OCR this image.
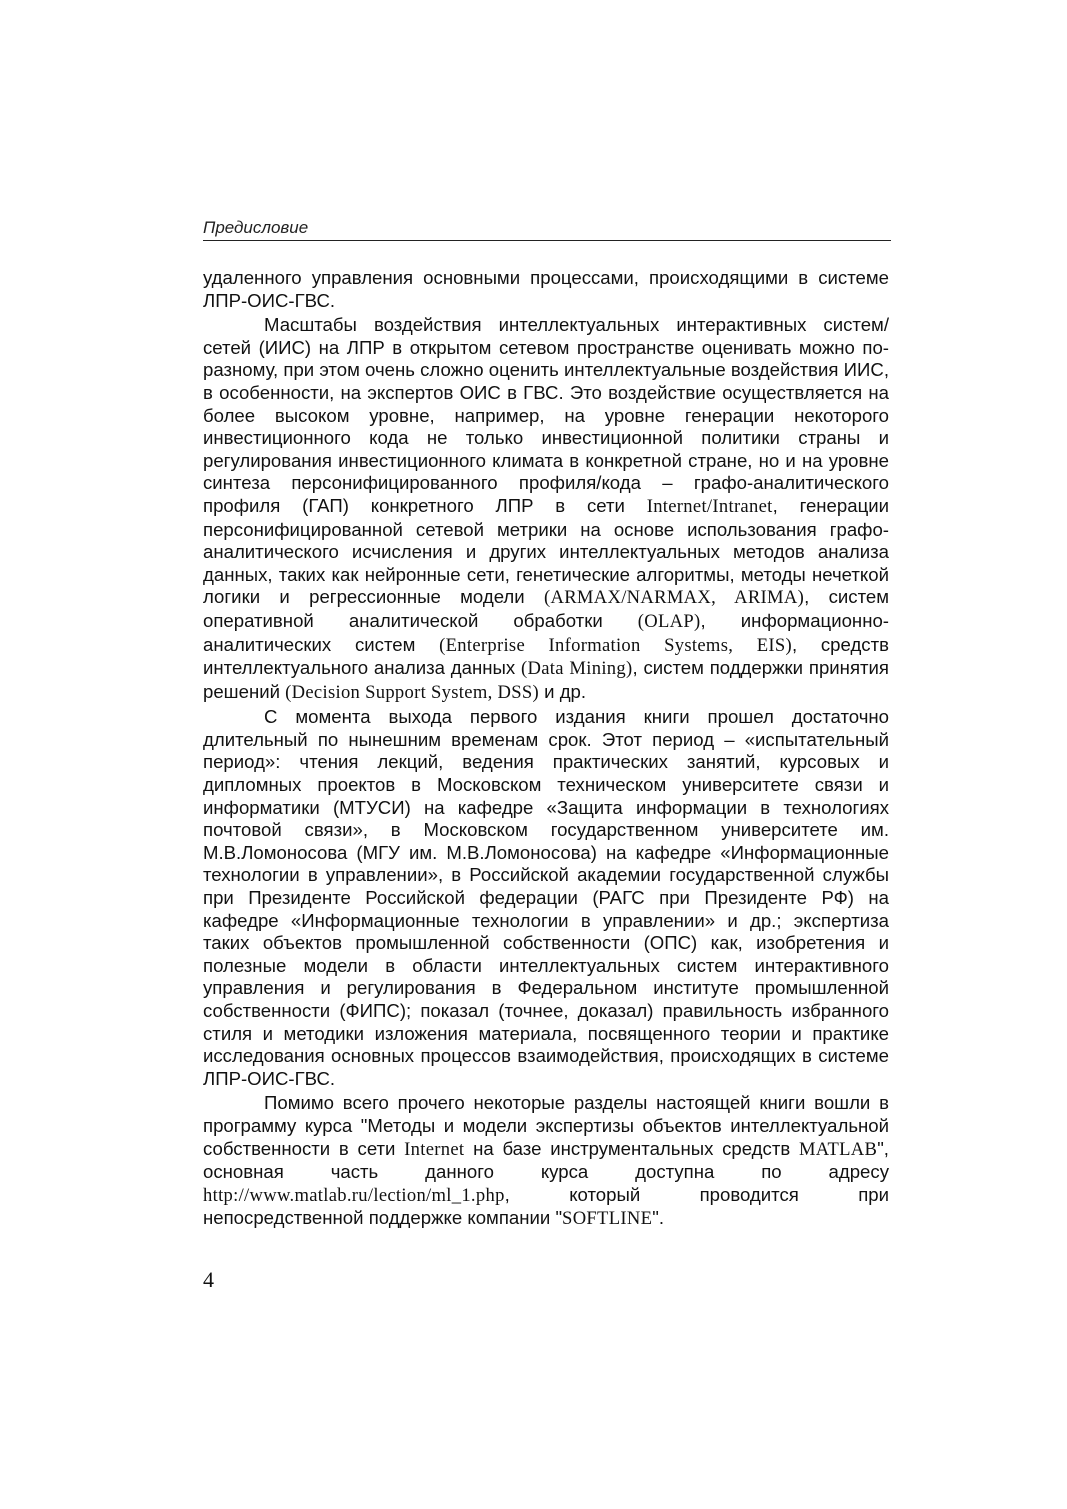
Предисловие

удаленного управления основными процессами, происходящими в системе ЛПР-ОИС-ГВС.

Масштабы воздействия интеллектуальных интерактивных систем/сетей (ИИС) на ЛПР в открытом сетевом пространстве оценивать можно по-разному, при этом очень сложно оценить интеллектуальные воздействия ИИС, в особенности, на экспертов ОИС в ГВС. Это воздействие осуществляется на более высоком уровне, например, на уровне генерации некоторого инвестиционного кода не только инвестиционной политики страны и регулирования инвестиционного климата в конкретной стране, но и на уровне синтеза персонифицированного профиля/кода – графо-аналитического профиля (ГАП) конкретного ЛПР в сети Internet/Intranet, генерации персонифицированной сетевой метрики на основе использования графо-аналитического исчисления и других интеллектуальных методов анализа данных, таких как нейронные сети, генетические алгоритмы, методы нечеткой логики и регрессионные модели (ARMAX/NARMAX, ARIMA), систем оперативной аналитической обработки (OLAP), информационно-аналитических систем (Enterprise Information Systems, EIS), средств интеллектуального анализа данных (Data Mining), систем поддержки принятия решений (Decision Support System, DSS) и др.

С момента выхода первого издания книги прошел достаточно длительный по нынешним временам срок. Этот период – «испытательный период»: чтения лекций, ведения практических занятий, курсовых и дипломных проектов в Московском техническом университете связи и информатики (МТУСИ) на кафедре «Защита информации в технологиях почтовой связи», в Московском государственном университете им. М.В.Ломоносова (МГУ им. М.В.Ломоносова) на кафедре «Информационные технологии в управлении», в Российской академии государственной службы при Президенте Российской федерации (РАГС при Президенте РФ) на кафедре «Информационные технологии в управлении» и др.; экспертиза таких объектов промышленной собственности (ОПС) как, изобретения и полезные модели в области интеллектуальных систем интерактивного управления и регулирования в Федеральном институте промышленной собственности (ФИПС); показал (точнее, доказал) правильность избранного стиля и методики изложения материала, посвященного теории и практике исследования основных процессов взаимодействия, происходящих в системе ЛПР-ОИС-ГВС.

Помимо всего прочего некоторые разделы настоящей книги вошли в программу курса "Методы и модели экспертизы объектов интеллектуальной собственности в сети Internet на базе инструментальных средств MATLAB", основная часть данного курса доступна по адресу http://www.matlab.ru/lection/ml_1.php, который проводится при непосредственной поддержке компании "SOFTLINE".

4
